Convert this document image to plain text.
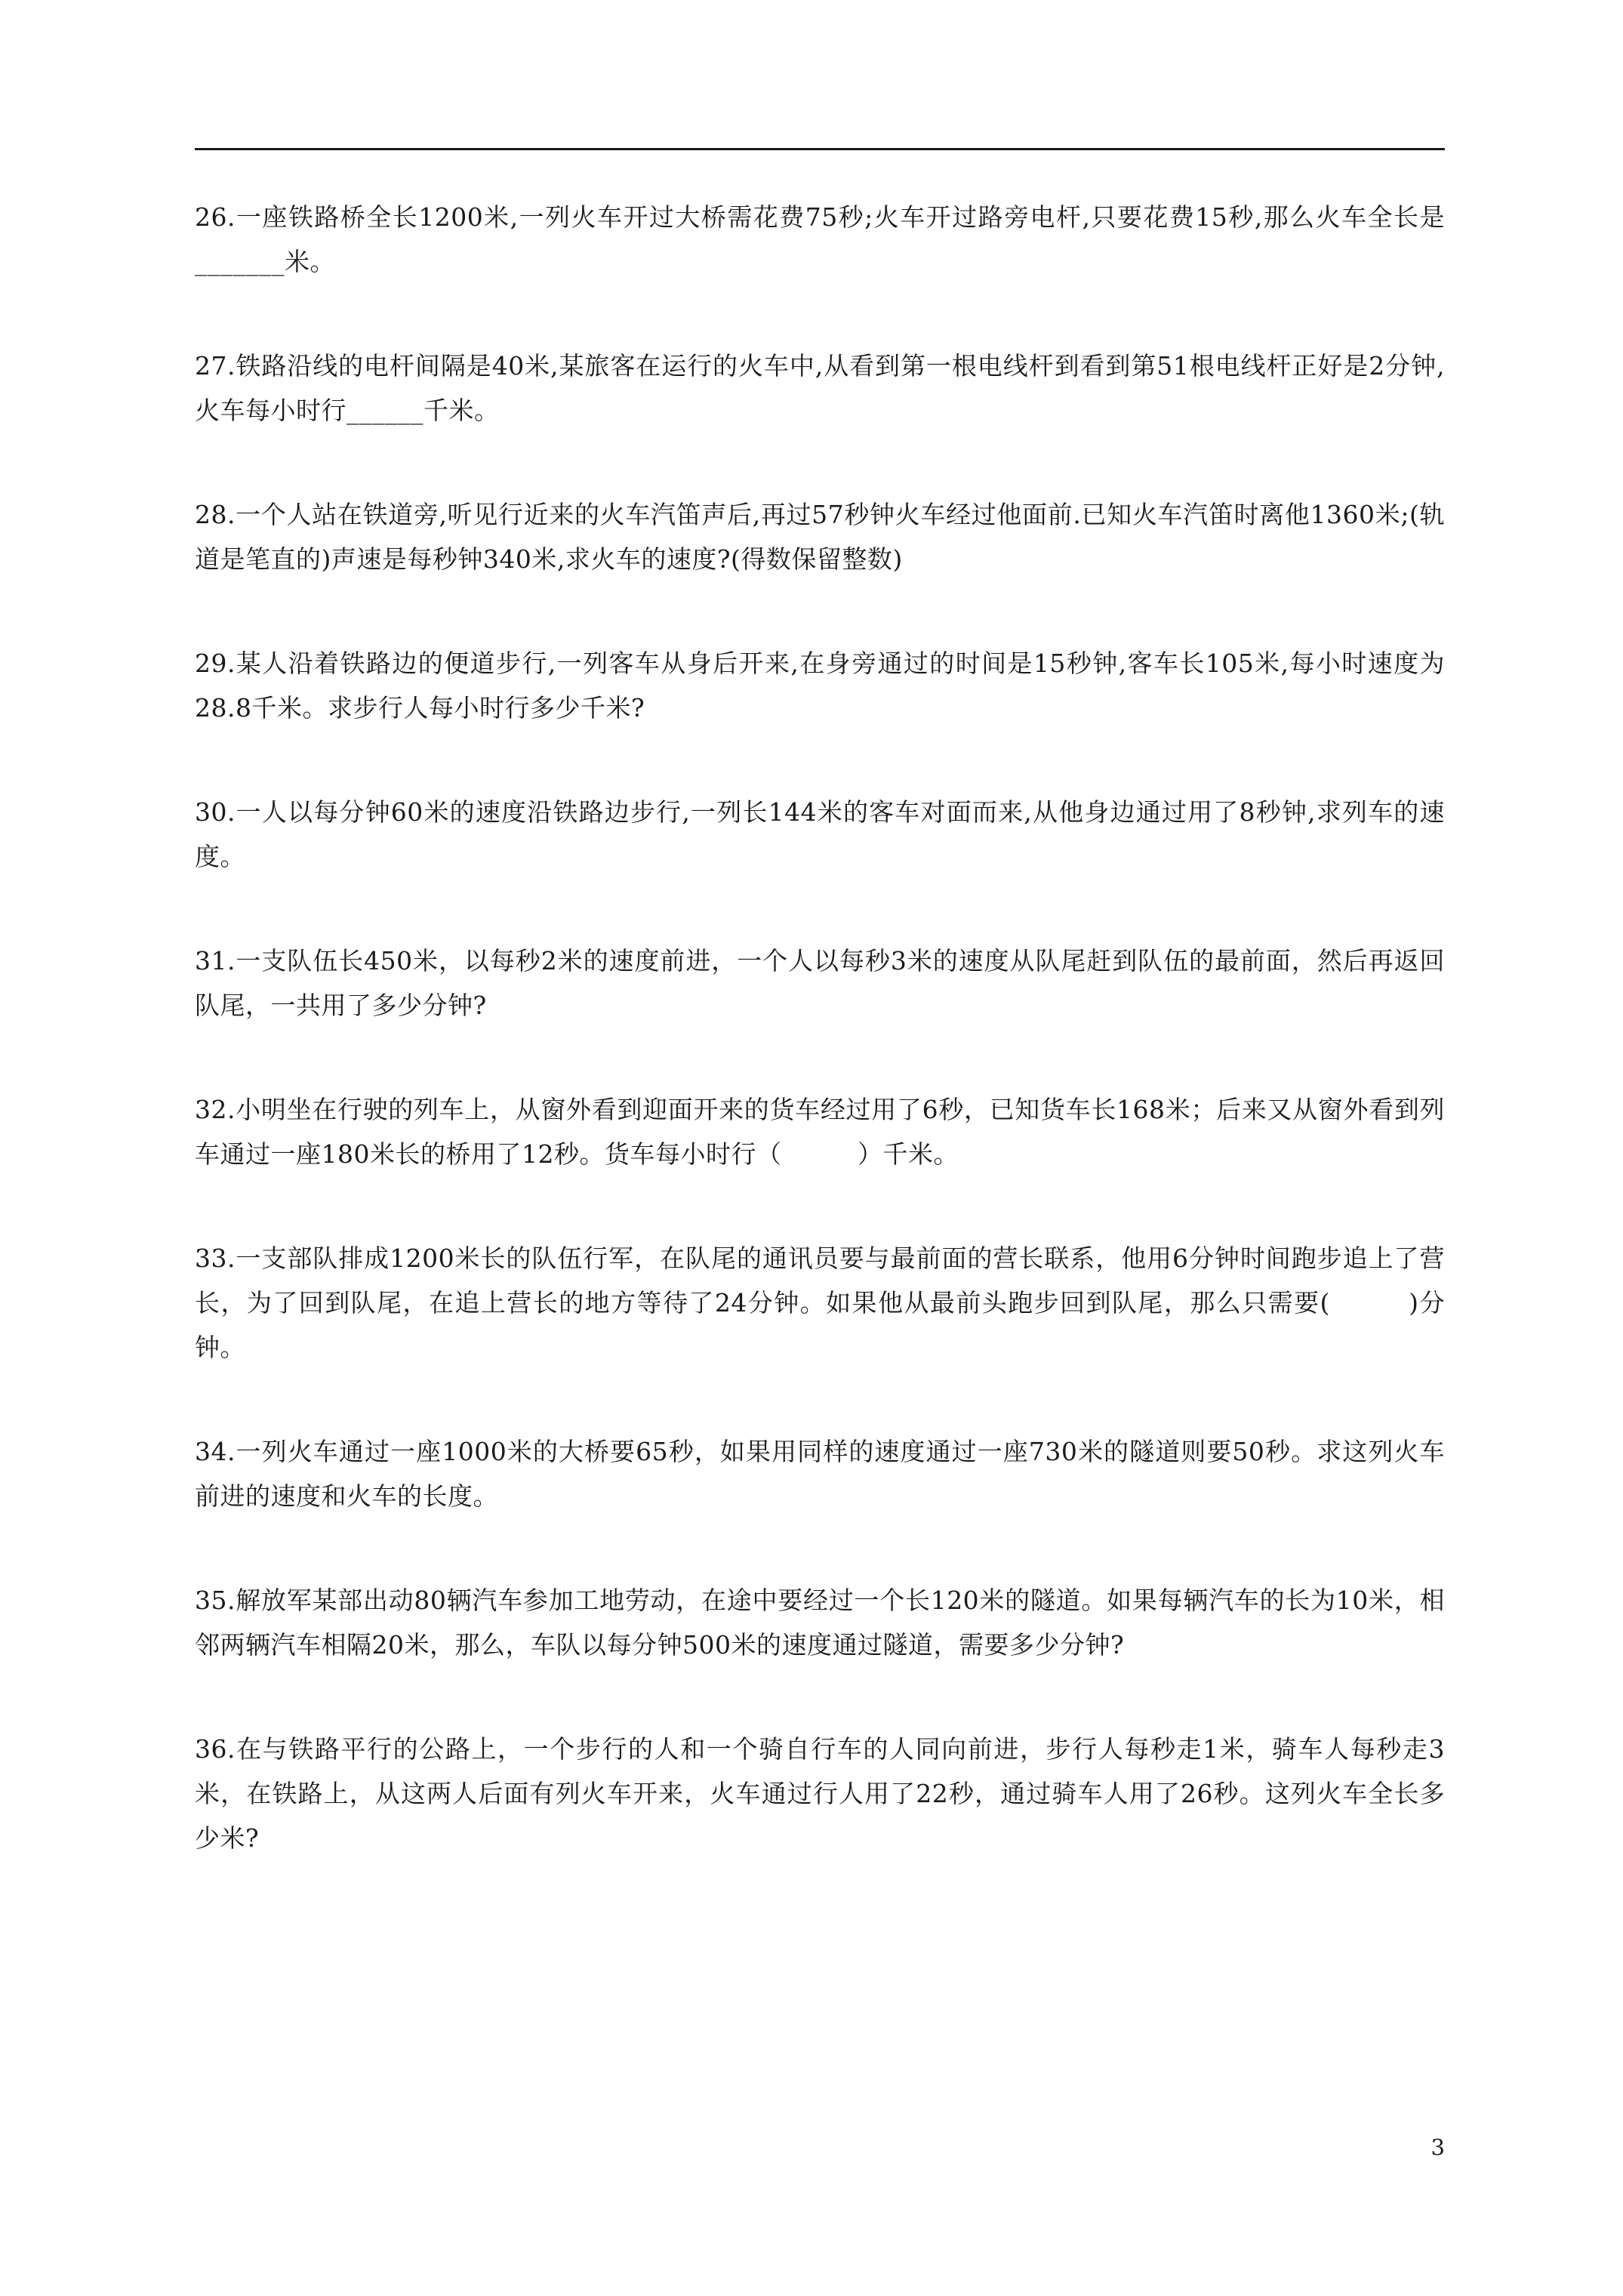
26.一座铁路桥全长1200米,一列火车开过大桥需花费75秒;火车开过路旁电杆,只要花费15秒,那么火车全长是_______米。

27.铁路沿线的电杆间隔是40米,某旅客在运行的火车中,从看到第一根电线杆到看到第51根电线杆正好是2分钟,火车每小时行______千米。

28.一个人站在铁道旁,听见行近来的火车汽笛声后,再过57秒钟火车经过他面前.已知火车汽笛时离他1360米;(轨道是笔直的)声速是每秒钟340米,求火车的速度?(得数保留整数)

29.某人沿着铁路边的便道步行,一列客车从身后开来,在身旁通过的时间是15秒钟,客车长105米,每小时速度为28.8千米。求步行人每小时行多少千米?

30.一人以每分钟60米的速度沿铁路边步行,一列长144米的客车对面而来,从他身边通过用了8秒钟,求列车的速度。

31.一支队伍长450米，以每秒2米的速度前进，一个人以每秒3米的速度从队尾赶到队伍的最前面，然后再返回队尾，一共用了多少分钟?

32.小明坐在行驶的列车上，从窗外看到迎面开来的货车经过用了6秒，已知货车长168米；后来又从窗外看到列车通过一座180米长的桥用了12秒。货车每小时行（　　　）千米。

33.一支部队排成1200米长的队伍行军，在队尾的通讯员要与最前面的营长联系，他用6分钟时间跑步追上了营长，为了回到队尾，在追上营长的地方等待了24分钟。如果他从最前头跑步回到队尾，那么只需要(　　　)分钟。

34.一列火车通过一座1000米的大桥要65秒，如果用同样的速度通过一座730米的隧道则要50秒。求这列火车前进的速度和火车的长度。

35.解放军某部出动80辆汽车参加工地劳动，在途中要经过一个长120米的隧道。如果每辆汽车的长为10米，相邻两辆汽车相隔20米，那么，车队以每分钟500米的速度通过隧道，需要多少分钟?

36.在与铁路平行的公路上，一个步行的人和一个骑自行车的人同向前进，步行人每秒走1米，骑车人每秒走3米，在铁路上，从这两人后面有列火车开来，火车通过行人用了22秒，通过骑车人用了26秒。这列火车全长多少米?

3
